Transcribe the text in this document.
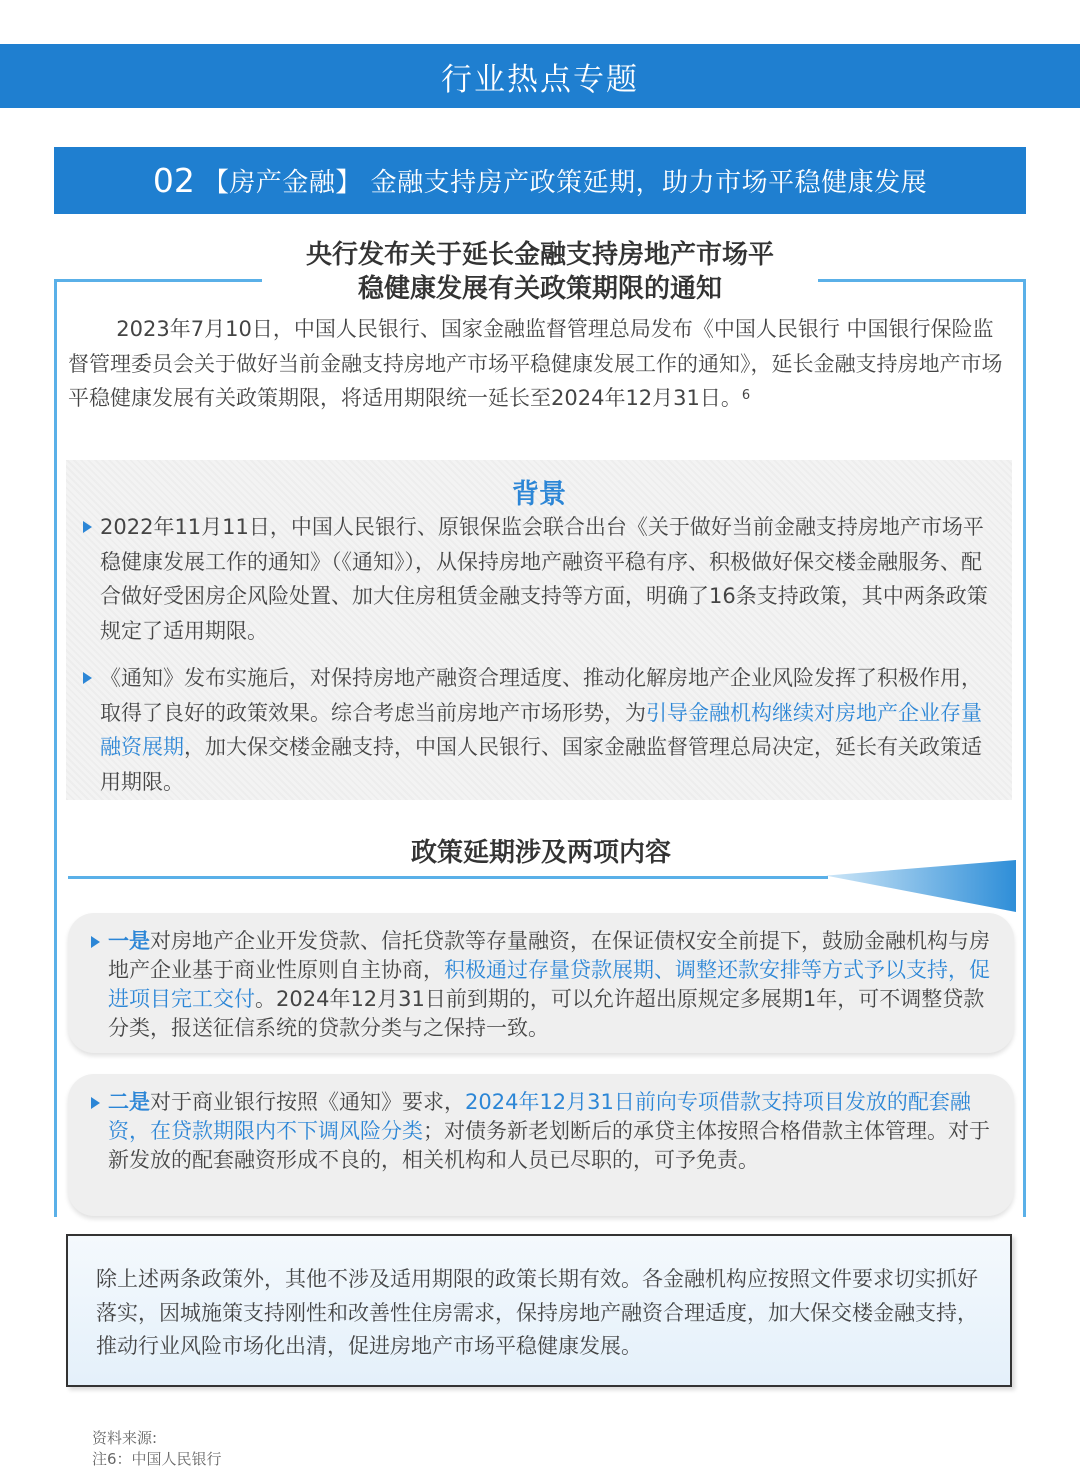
行业热点专题
02 【房产金融】 金融支持房产政策延期，助力市场平稳健康发展
央行发布关于延长金融支持房地产市场平
稳健康发展有关政策期限的通知

2023年7月10日，中国人民银行、国家金融监督管理总局发布《中国人民银行 中国银行保险监督管理委员会关于做好当前金融支持房地产市场平稳健康发展工作的通知》，延长金融支持房地产市场平稳健康发展有关政策期限，将适用期限统一延长至2024年12月31日。$^6$

背景

2022年11月11日，中国人民银行、原银保监会联合出台《关于做好当前金融支持房地产市场平稳健康发展工作的通知》（《通知》），从保持房地产融资平稳有序、积极做好保交楼金融服务、配合做好受困房企风险处置、加大住房租赁金融支持等方面，明确了16条支持政策，其中两条政策规定了适用期限。

《通知》发布实施后，对保持房地产融资合理适度、推动化解房地产企业风险发挥了积极作用，取得了良好的政策效果。综合考虑当前房地产市场形势，为引导金融机构继续对房地产企业存量融资展期，加大保交楼金融支持，中国人民银行、国家金融监督管理总局决定，延长有关政策适用期限。

政策延期涉及两项内容

一是对房地产企业开发贷款、信托贷款等存量融资，在保证债权安全前提下，鼓励金融机构与房地产企业基于商业性原则自主协商，积极通过存量贷款展期、调整还款安排等方式予以支持，促进项目完工交付。2024年12月31日前到期的，可以允许超出原规定多展期1年，可不调整贷款分类，报送征信系统的贷款分类与之保持一致。

二是对于商业银行按照《通知》要求，2024年12月31日前向专项借款支持项目发放的配套融资，在贷款期限内不下调风险分类；对债务新老划断后的承贷主体按照合格借款主体管理。对于新发放的配套融资形成不良的，相关机构和人员已尽职的，可予免责。

除上述两条政策外，其他不涉及适用期限的政策长期有效。各金融机构应按照文件要求切实抓好落实，因城施策支持刚性和改善性住房需求，保持房地产融资合理适度，加大保交楼金融支持，推动行业风险市场化出清，促进房地产市场平稳健康发展。

资料来源:
注6：中国人民银行
